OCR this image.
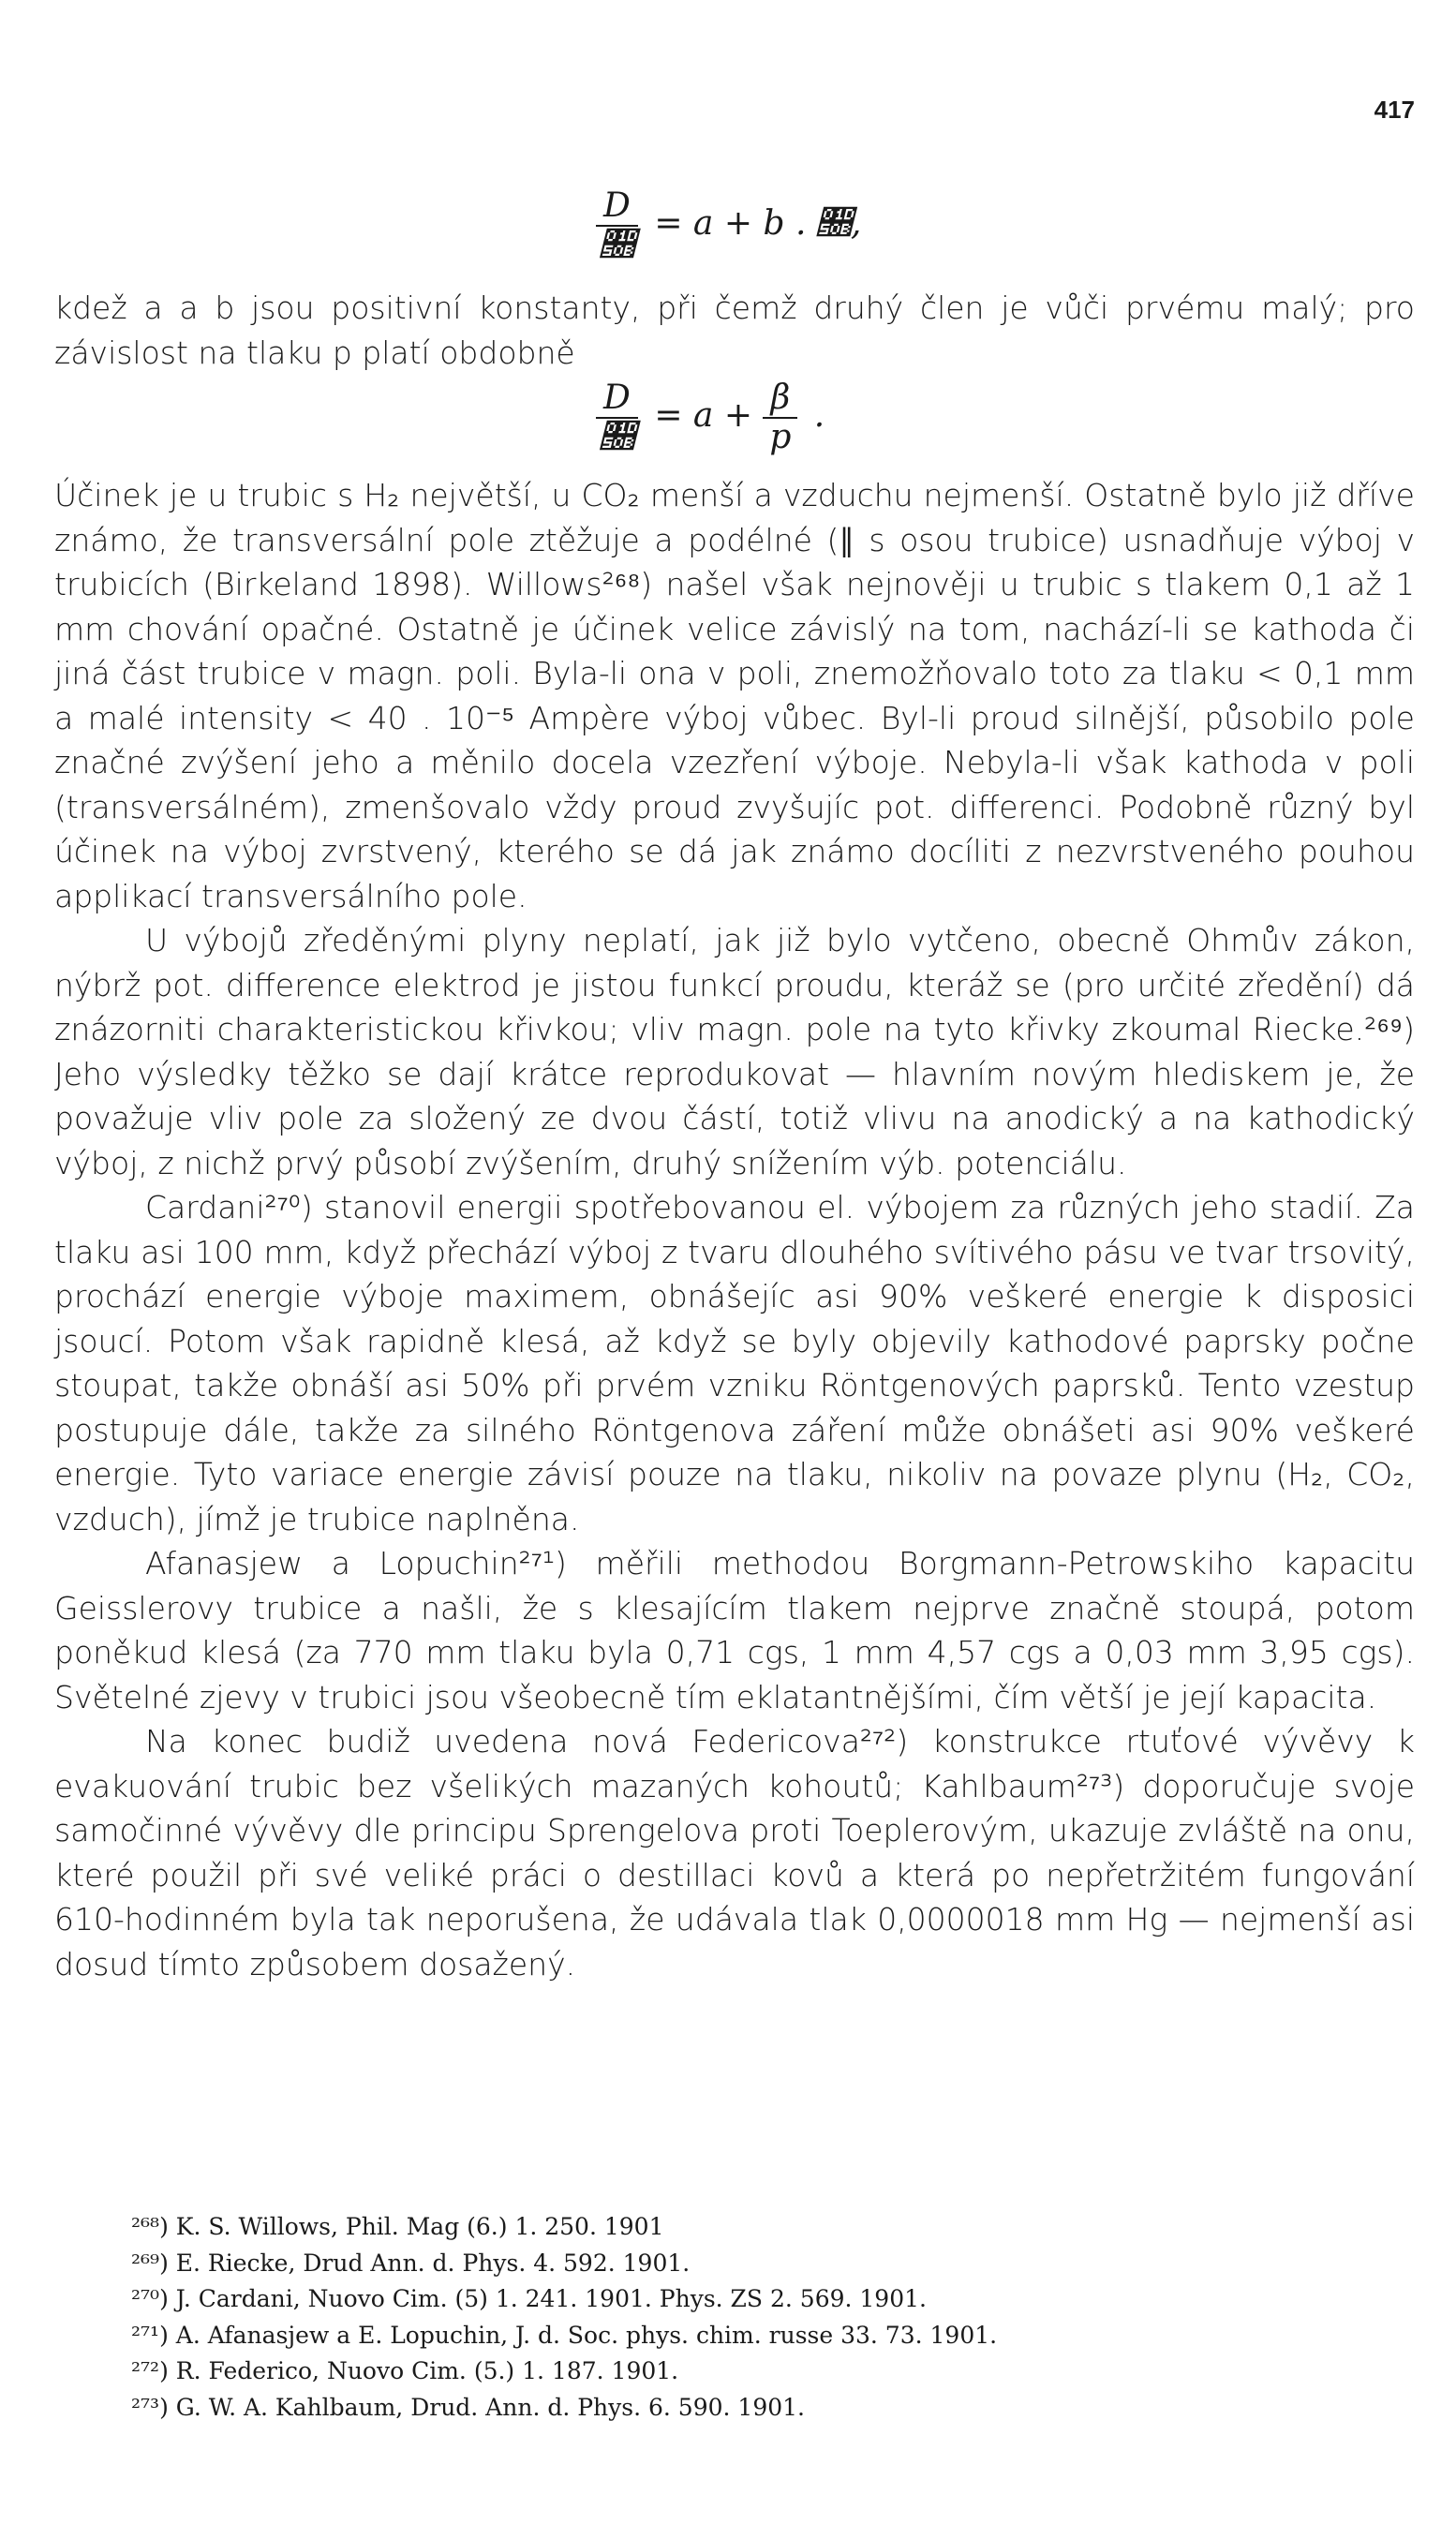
417
$\frac{D}{𝔋} = a + b$ . 𝔋,

kdež a a b jsou positivní konstanty, při čemž druhý člen je vůči prvému malý; pro závislost na tlaku p platí obdobně

$\frac{D}{𝔋} = a + \frac{\beta}{p}$ .

Účinek je u trubic s H₂ největší, u CO₂ menší a vzduchu nejmenší. Ostatně bylo již dříve známo, že transversální pole ztěžuje a podélné (∥ s osou trubice) usnadňuje výboj v trubicích (Birkeland 1898). Willows²⁶⁸) našel však nejnověji u trubic s tlakem 0,1 až 1 mm chování opačné. Ostatně je účinek velice závislý na tom, nachází-li se kathoda či jiná část trubice v magn. poli. Byla-li ona v poli, znemožňovalo toto za tlaku < 0,1 mm a malé intensity < 40 . 10⁻⁵ Ampère výboj vůbec. Byl-li proud silnější, působilo pole značné zvýšení jeho a měnilo docela vzezření výboje. Nebyla-li však kathoda v poli (transversálném), zmenšovalo vždy proud zvyšujíc pot. differenci. Podobně různý byl účinek na výboj zvrstvený, kterého se dá jak známo docíliti z nezvrstveného pouhou applikací transversálního pole.

U výbojů zředěnými plyny neplatí, jak již bylo vytčeno, obecně Ohmův zákon, nýbrž pot. difference elektrod je jistou funkcí proudu, kteráž se (pro určité zředění) dá znázorniti charakteristickou křivkou; vliv magn. pole na tyto křivky zkoumal Riecke.²⁶⁹) Jeho výsledky těžko se dají krátce reprodukovat — hlavním novým hlediskem je, že považuje vliv pole za složený ze dvou částí, totiž vlivu na anodický a na kathodický výboj, z nichž prvý působí zvýšením, druhý snížením výb. potenciálu.

Cardani²⁷⁰) stanovil energii spotřebovanou el. výbojem za různých jeho stadií. Za tlaku asi 100 mm, když přechází výboj z tvaru dlouhého svítivého pásu ve tvar trsovitý, prochází energie výboje maximem, obnášejíc asi 90% veškeré energie k disposici jsoucí. Potom však rapidně klesá, až když se byly objevily kathodové paprsky počne stoupat, takže obnáší asi 50% při prvém vzniku Röntgenových paprsků. Tento vzestup postupuje dále, takže za silného Röntgenova záření může obnášeti asi 90% veškeré energie. Tyto variace energie závisí pouze na tlaku, nikoliv na povaze plynu (H₂, CO₂, vzduch), jímž je trubice naplněna.

Afanasjew a Lopuchin²⁷¹) měřili methodou Borgmann-Petrowskiho kapacitu Geisslerovy trubice a našli, že s klesajícím tlakem nejprve značně stoupá, potom poněkud klesá (za 770 mm tlaku byla 0,71 cgs, 1 mm 4,57 cgs a 0,03 mm 3,95 cgs). Světelné zjevy v trubici jsou všeobecně tím eklatantnějšími, čím větší je její kapacita.

Na konec budiž uvedena nová Federicova²⁷²) konstrukce rtuťové vývěvy k evakuování trubic bez všelikých mazaných kohoutů; Kahlbaum²⁷³) doporučuje svoje samočinné vývěvy dle principu Sprengelova proti Toeplerovým, ukazuje zvláště na onu, které použil při své veliké práci o destillaci kovů a která po nepřetržitém fungování 610-hodinném byla tak neporušena, že udávala tlak 0,0000018 mm Hg — nejmenší asi dosud tímto způsobem dosažený.

²⁶⁸) K. S. Willows, Phil. Mag (6.) 1. 250. 1901
²⁶⁹) E. Riecke, Drud Ann. d. Phys. 4. 592. 1901.
²⁷⁰) J. Cardani, Nuovo Cim. (5) 1. 241. 1901. Phys. ZS 2. 569. 1901.
²⁷¹) A. Afanasjew a E. Lopuchin, J. d. Soc. phys. chim. russe 33. 73. 1901.
²⁷²) R. Federico, Nuovo Cim. (5.) 1. 187. 1901.
²⁷³) G. W. A. Kahlbaum, Drud. Ann. d. Phys. 6. 590. 1901.
